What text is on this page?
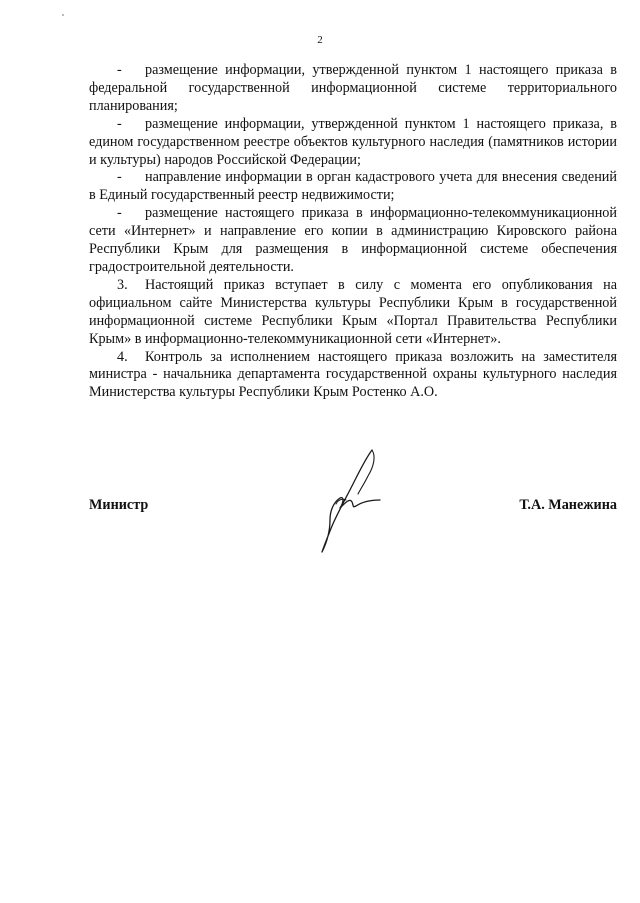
2

- размещение информации, утвержденной пунктом 1 настоящего приказа в федеральной государственной информационной системе территориального планирования;

- размещение информации, утвержденной пунктом 1 настоящего приказа, в едином государственном реестре объектов культурного наследия (памятников истории и культуры) народов Российской Федерации;

- направление информации в орган кадастрового учета для внесения сведений в Единый государственный реестр недвижимости;

- размещение настоящего приказа в информационно-телекоммуникационной сети «Интернет» и направление его копии в администрацию Кировского района Республики Крым для размещения в информационной системе обеспечения градостроительной деятельности.

3. Настоящий приказ вступает в силу с момента его опубликования на официальном сайте Министерства культуры Республики Крым в государственной информационной системе Республики Крым «Портал Правительства Республики Крым» в информационно-телекоммуникационной сети «Интернет».

4. Контроль за исполнением настоящего приказа возложить на заместителя министра - начальника департамента государственной охраны культурного наследия Министерства культуры Республики Крым Ростенко А.О.

Министр	Т.А. Манежина
